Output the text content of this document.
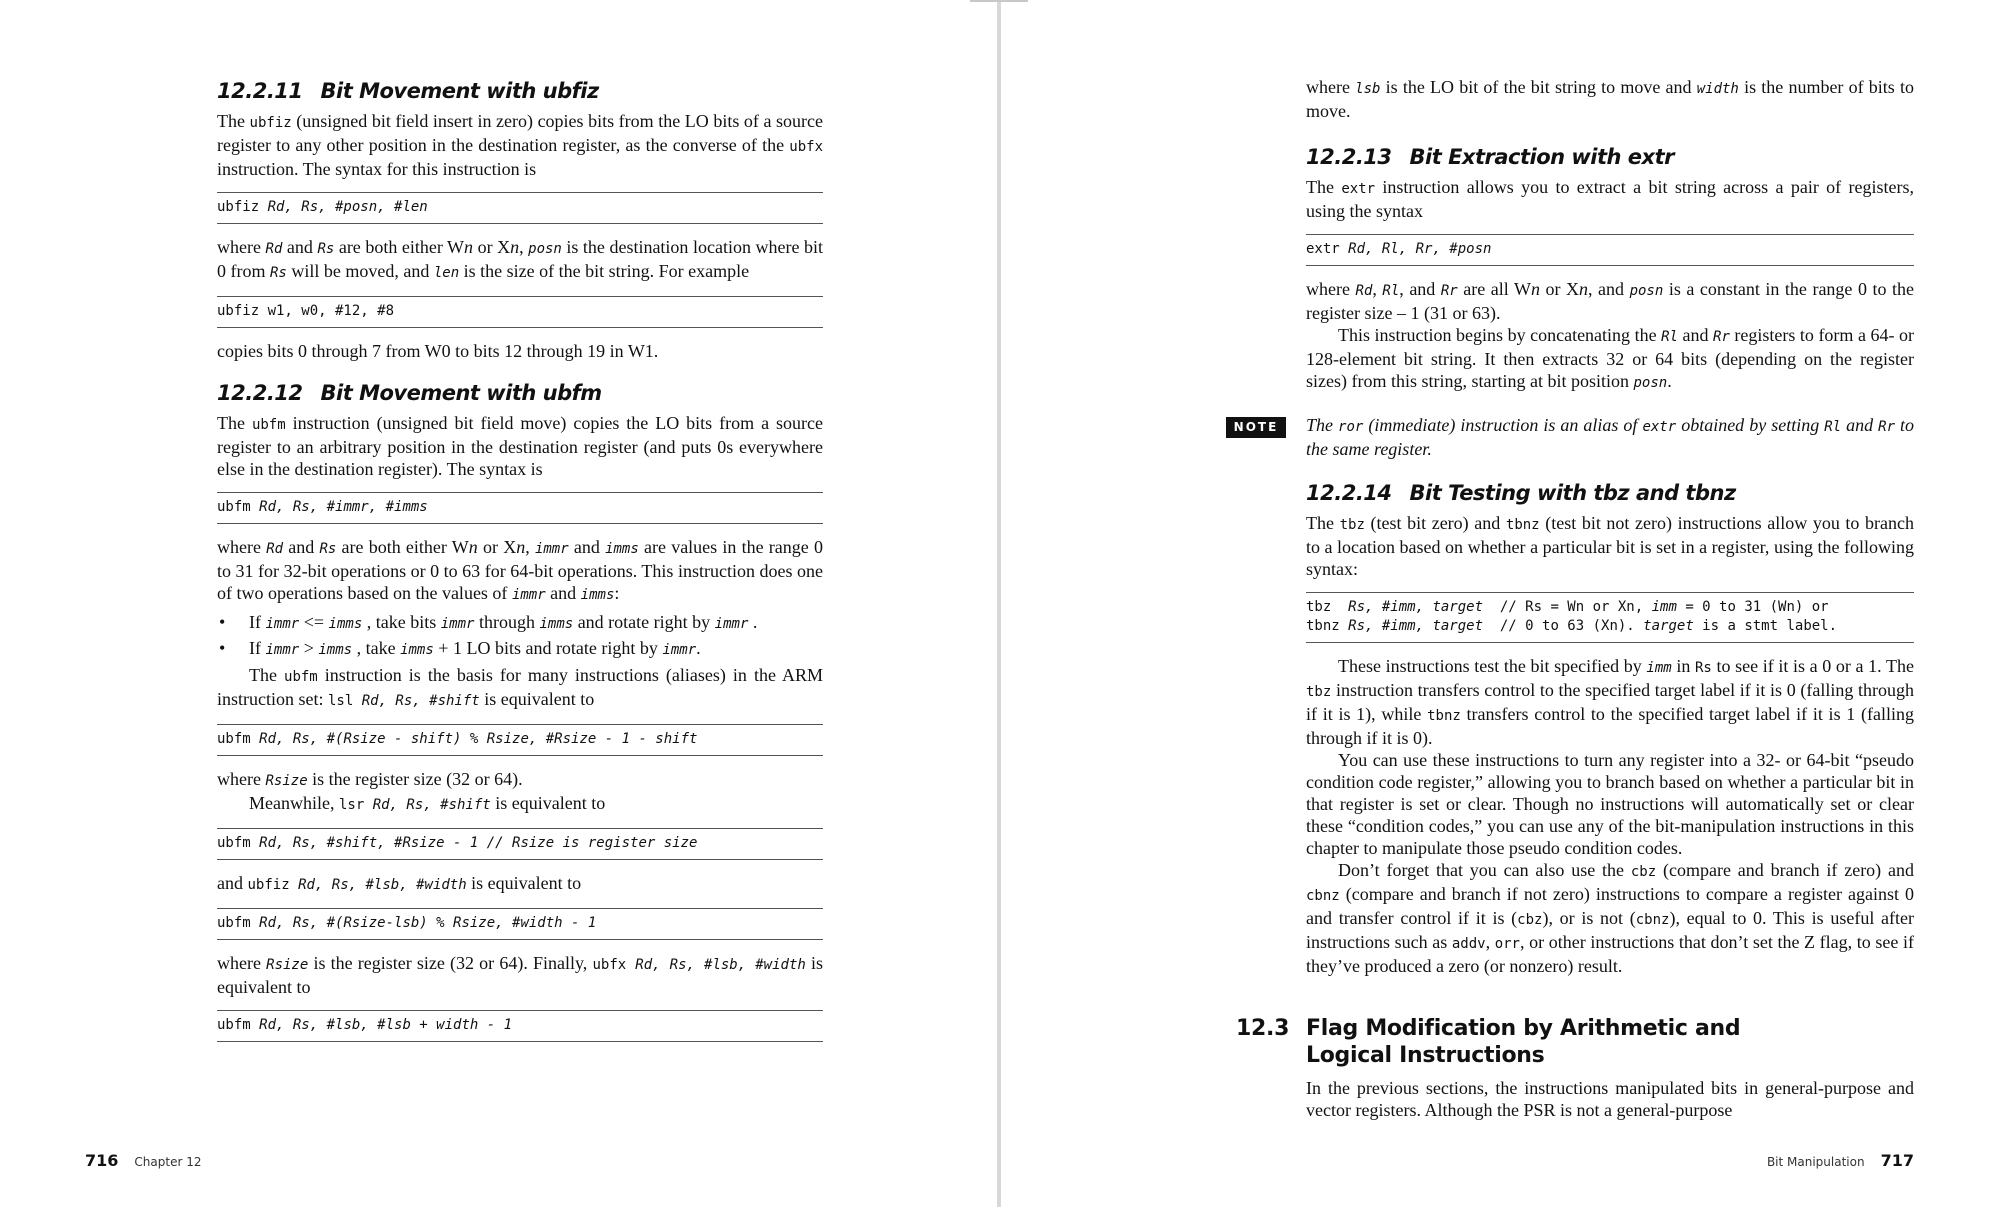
12.2.11 Bit Movement with ubfiz

The ubfiz (unsigned bit field insert in zero) copies bits from the LO bits of a source register to any other position in the destination register, as the converse of the ubfx instruction. The syntax for this instruction is

ubfiz Rd, Rs, #posn, #len

where Rd and Rs are both either Wn or Xn, posn is the destination location where bit 0 from Rs will be moved, and len is the size of the bit string. For example

ubfiz w1, w0, #12, #8

copies bits 0 through 7 from W0 to bits 12 through 19 in W1.

12.2.12 Bit Movement with ubfm

The ubfm instruction (unsigned bit field move) copies the LO bits from a source register to an arbitrary position in the destination register (and puts 0s everywhere else in the destination register). The syntax is

ubfm Rd, Rs, #immr, #imms

where Rd and Rs are both either Wn or Xn, immr and imms are values in the range 0 to 31 for 32-bit operations or 0 to 63 for 64-bit operations. This instruction does one of two operations based on the values of immr and imms:

• If immr <= imms , take bits immr through imms and rotate right by immr .
• If immr > imms , take imms + 1 LO bits and rotate right by immr.

The ubfm instruction is the basis for many instructions (aliases) in the ARM instruction set: lsl Rd, Rs, #shift is equivalent to

ubfm Rd, Rs, #(Rsize - shift) % Rsize, #Rsize - 1 - shift

where Rsize is the register size (32 or 64).

Meanwhile, lsr Rd, Rs, #shift is equivalent to

ubfm Rd, Rs, #shift, #Rsize - 1 // Rsize is register size

and ubfiz Rd, Rs, #lsb, #width is equivalent to

ubfm Rd, Rs, #(Rsize-lsb) % Rsize, #width - 1

where Rsize is the register size (32 or 64). Finally, ubfx Rd, Rs, #lsb, #width is equivalent to

ubfm Rd, Rs, #lsb, #lsb + width - 1
716 Chapter 12

where lsb is the LO bit of the bit string to move and width is the number of bits to move.

12.2.13 Bit Extraction with extr

The extr instruction allows you to extract a bit string across a pair of registers, using the syntax

extr Rd, Rl, Rr, #posn

where Rd, Rl, and Rr are all Wn or Xn, and posn is a constant in the range 0 to the register size – 1 (31 or 63).

This instruction begins by concatenating the Rl and Rr registers to form a 64- or 128-element bit string. It then extracts 32 or 64 bits (depending on the register sizes) from this string, starting at bit position posn.

The ror (immediate) instruction is an alias of extr obtained by setting Rl and Rr to the same register.

12.2.14 Bit Testing with tbz and tbnz

The tbz (test bit zero) and tbnz (test bit not zero) instructions allow you to branch to a location based on whether a particular bit is set in a register, using the following syntax:

tbz  Rs, #imm, target  // Rs = Wn or Xn, imm = 0 to 31 (Wn) or
tbnz Rs, #imm, target  // 0 to 63 (Xn). target is a stmt label.

These instructions test the bit specified by imm in Rs to see if it is a 0 or a 1. The tbz instruction transfers control to the specified target label if it is 0 (falling through if it is 1), while tbnz transfers control to the specified target label if it is 1 (falling through if it is 0).

You can use these instructions to turn any register into a 32- or 64-bit “pseudo condition code register,” allowing you to branch based on whether a particular bit in that register is set or clear. Though no instructions will automatically set or clear these “condition codes,” you can use any of the bit-manipulation instructions in this chapter to manipulate those pseudo condition codes.

Don’t forget that you can also use the cbz (compare and branch if zero) and cbnz (compare and branch if not zero) instructions to compare a register against 0 and transfer control if it is (cbz), or is not (cbnz), equal to 0. This is useful after instructions such as addv, orr, or other instructions that don’t set the Z flag, to see if they’ve produced a zero (or nonzero) result.

12.3 Flag Modification by Arithmetic and
Logical Instructions

In the previous sections, the instructions manipulated bits in general-purpose and vector registers. Although the PSR is not a general-purpose

NOTE
Bit Manipulation 717
